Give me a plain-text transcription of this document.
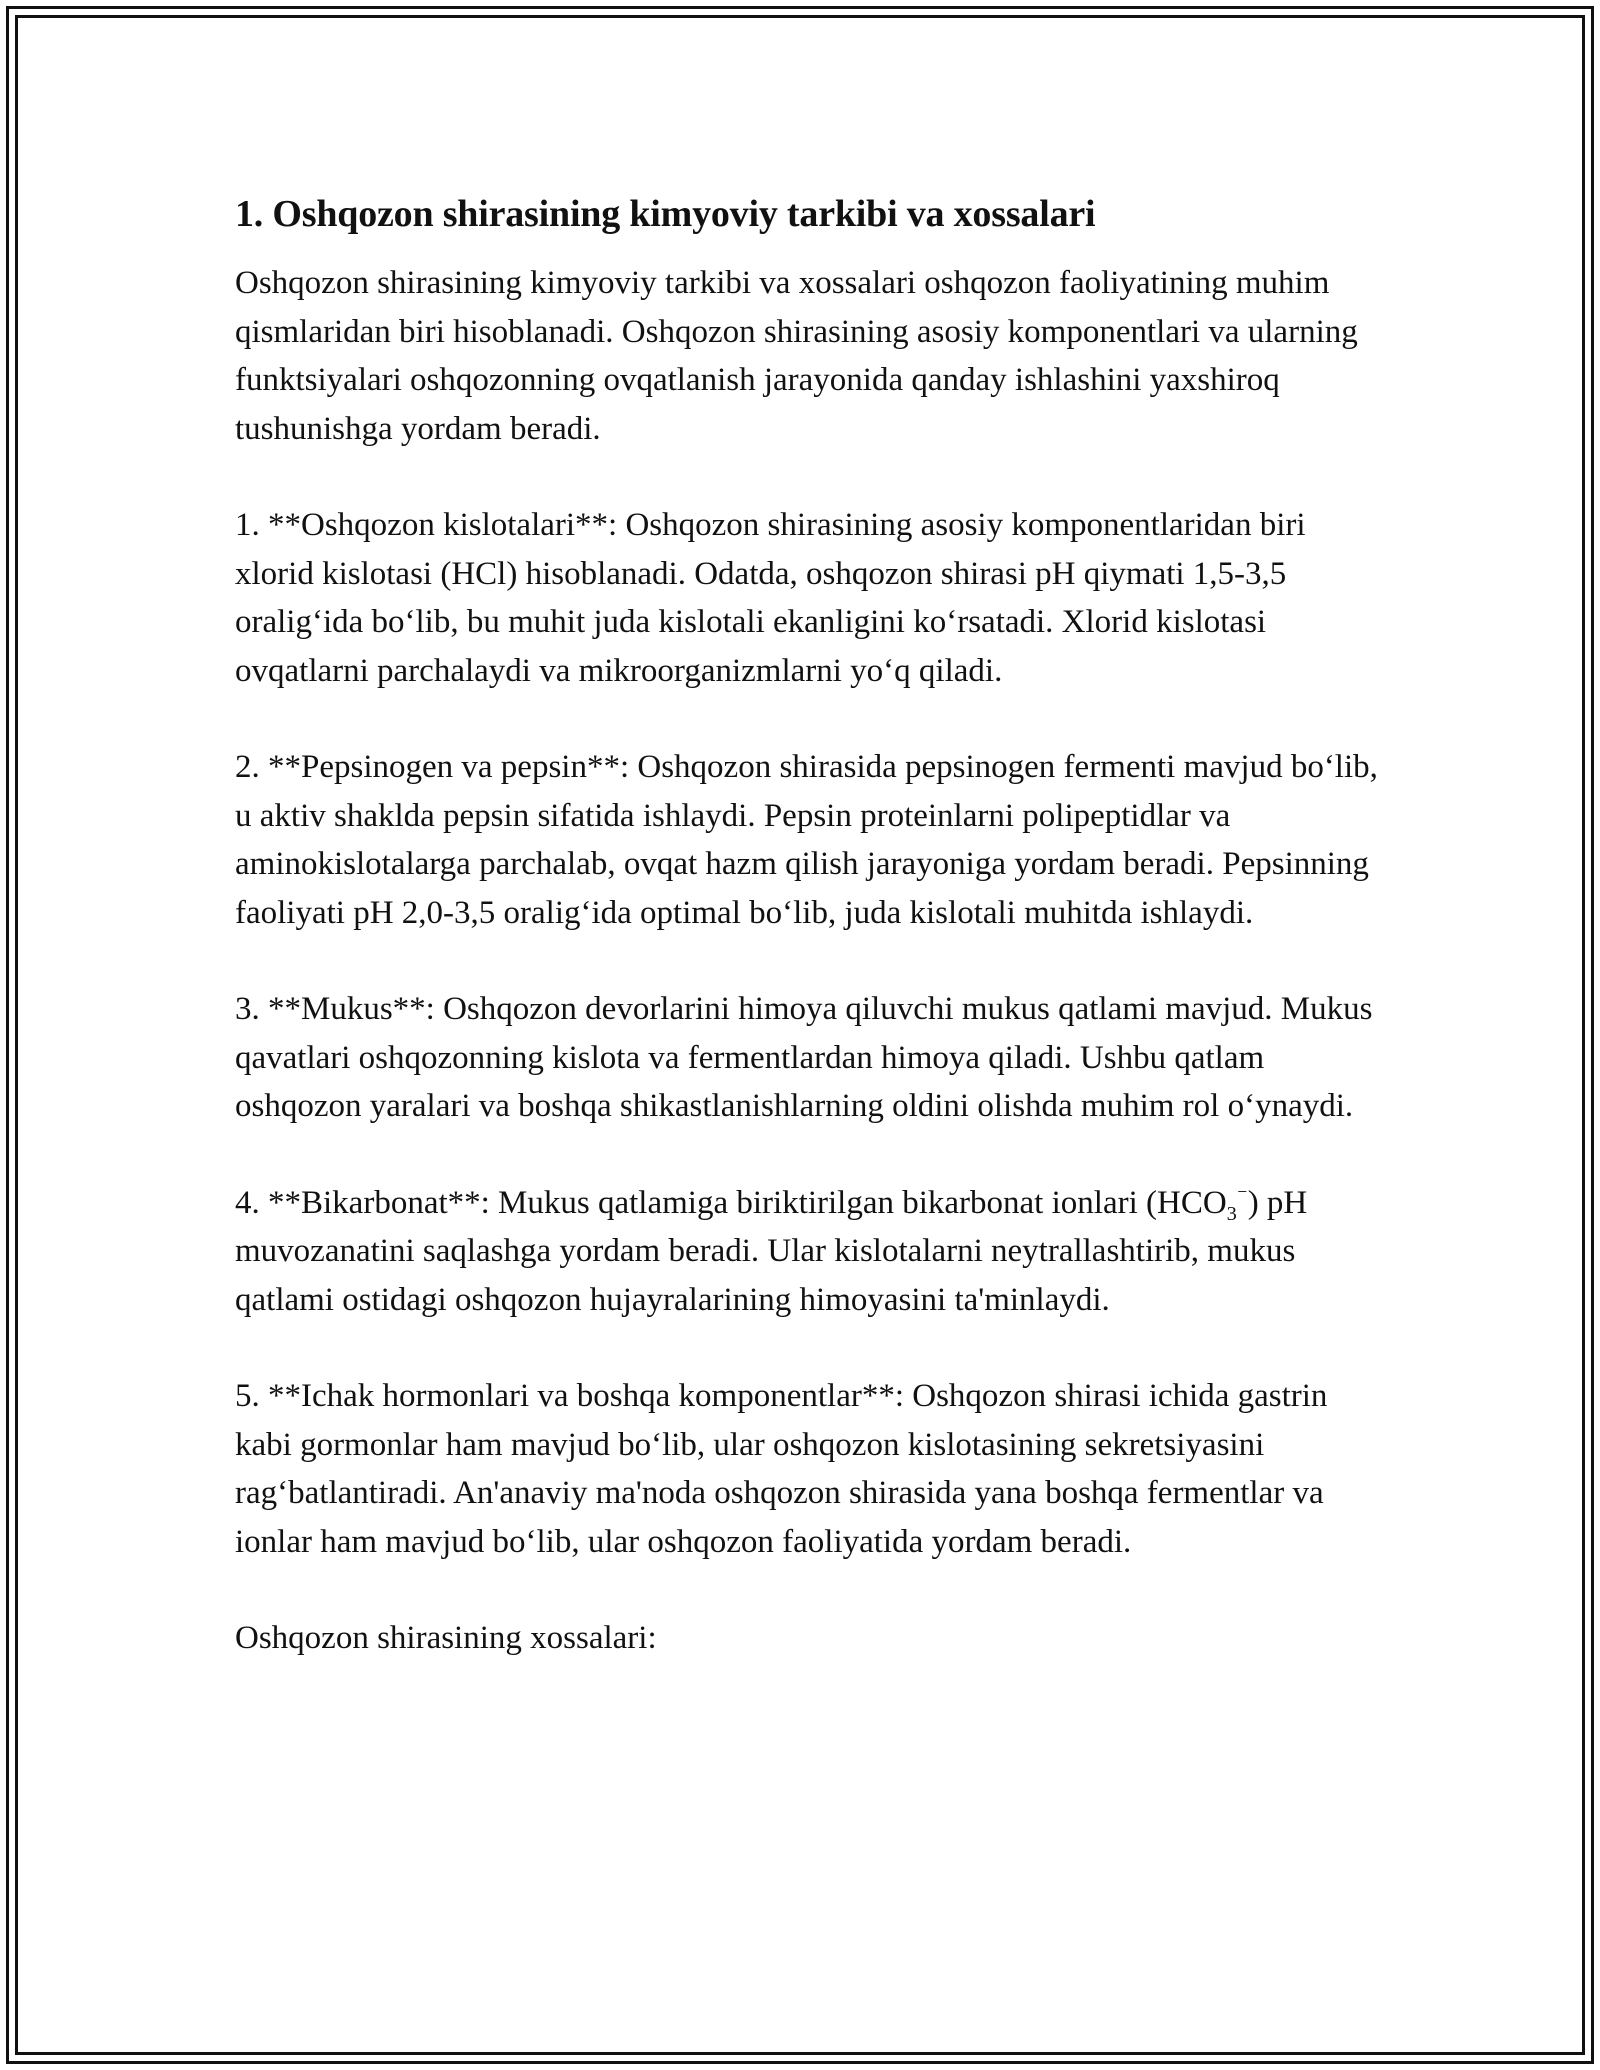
1. Oshqozon shirasining kimyoviy tarkibi va xossalari

Oshqozon shirasining kimyoviy tarkibi va xossalari oshqozon faoliyatining muhim qismlaridan biri hisoblanadi. Oshqozon shirasining asosiy komponentlari va ularning funktsiyalari oshqozonning ovqatlanish jarayonida qanday ishlashini yaxshiroq tushunishga yordam beradi.

1. **Oshqozon kislotalari**: Oshqozon shirasining asosiy komponentlaridan biri xlorid kislotasi (HCl) hisoblanadi. Odatda, oshqozon shirasi pH qiymati 1,5-3,5 oralig‘ida bo‘lib, bu muhit juda kislotali ekanligini ko‘rsatadi. Xlorid kislotasi ovqatlarni parchalaydi va mikroorganizmlarni yo‘q qiladi.

2. **Pepsinogen va pepsin**: Oshqozon shirasida pepsinogen fermenti mavjud bo‘lib, u aktiv shaklda pepsin sifatida ishlaydi. Pepsin proteinlarni polipeptidlar va aminokislotalarga parchalab, ovqat hazm qilish jarayoniga yordam beradi. Pepsinning faoliyati pH 2,0-3,5 oralig‘ida optimal bo‘lib, juda kislotali muhitda ishlaydi.

3. **Mukus**: Oshqozon devorlarini himoya qiluvchi mukus qatlami mavjud. Mukus qavatlari oshqozonning kislota va fermentlardan himoya qiladi. Ushbu qatlam oshqozon yaralari va boshqa shikastlanishlarning oldini olishda muhim rol o‘ynaydi.

4. **Bikarbonat**: Mukus qatlamiga biriktirilgan bikarbonat ionlari $(HCO_3^{^-})$ pH muvozanatini saqlashga yordam beradi. Ular kislotalarni neytrallashtirib, mukus qatlami ostidagi oshqozon hujayralarining himoyasini ta'minlaydi.

5. **Ichak hormonlari va boshqa komponentlar**: Oshqozon shirasi ichida gastrin kabi gormonlar ham mavjud bo‘lib, ular oshqozon kislotasining sekretsiyasini rag‘batlantiradi. An'anaviy ma'noda oshqozon shirasida yana boshqa fermentlar va ionlar ham mavjud bo‘lib, ular oshqozon faoliyatida yordam beradi.

Oshqozon shirasining xossalari:
